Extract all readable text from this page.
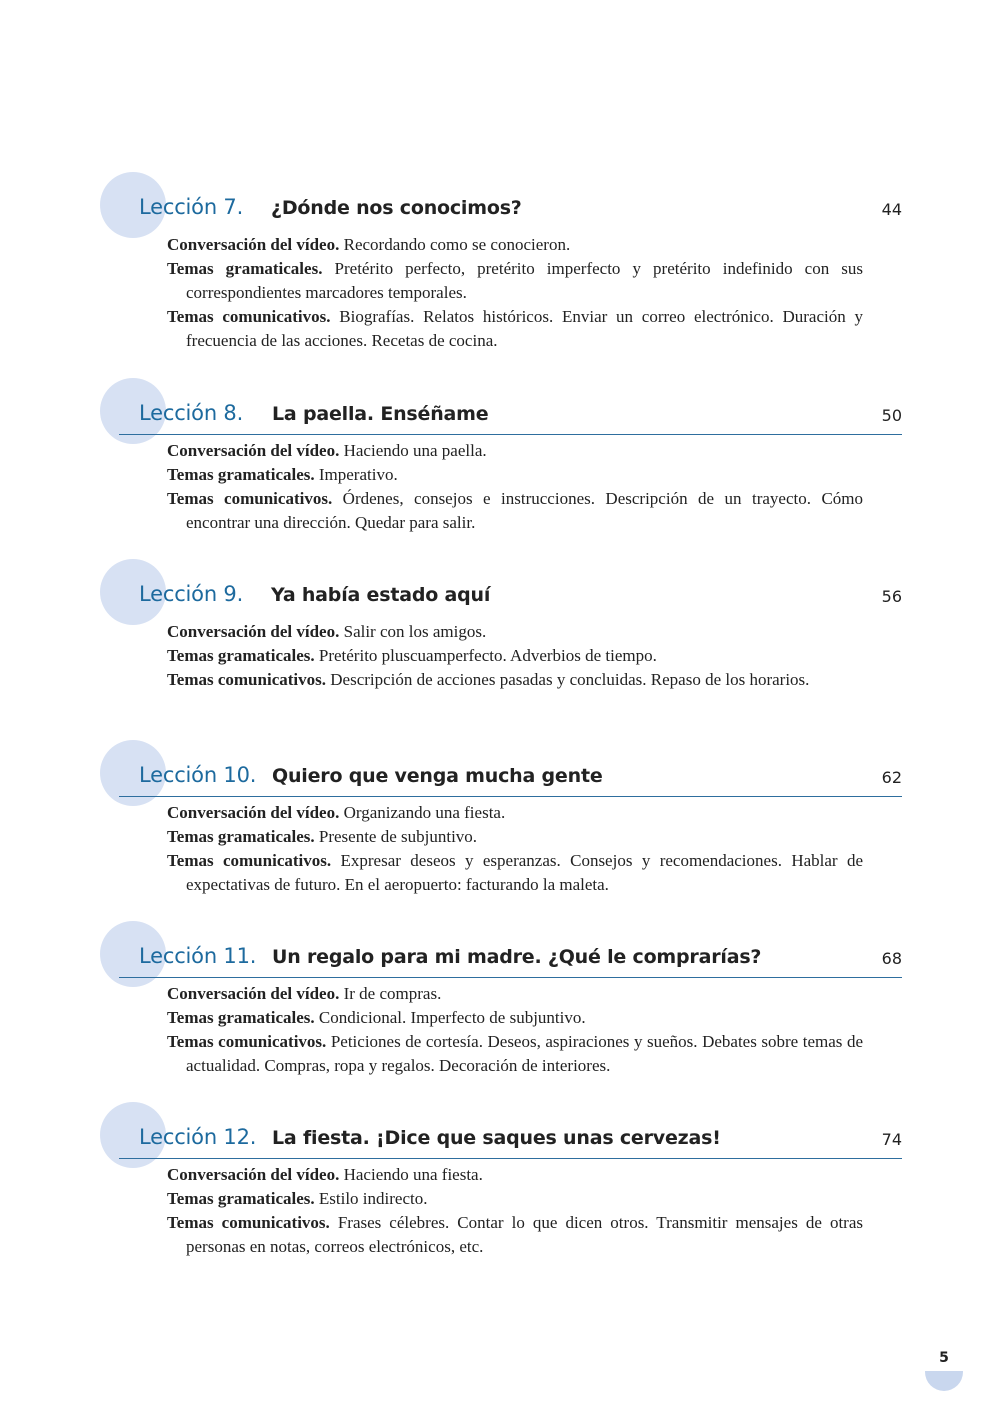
Lección 7. ¿Dónde nos conocimos?	44

Conversación del vídeo. Recordando como se conocieron.

Temas gramaticales. Pretérito perfecto, pretérito imperfecto y pretérito indefinido con sus correspondientes marcadores temporales.

Temas comunicativos. Biografías. Relatos históricos. Enviar un correo electrónico. Duración y frecuencia de las acciones. Recetas de cocina.

Lección 8. La paella. Enséñame	50

Conversación del vídeo. Haciendo una paella.

Temas gramaticales. Imperativo.

Temas comunicativos. Órdenes, consejos e instrucciones. Descripción de un trayecto. Cómo encontrar una dirección. Quedar para salir.

Lección 9. Ya había estado aquí	56

Conversación del vídeo. Salir con los amigos.

Temas gramaticales. Pretérito pluscuamperfecto. Adverbios de tiempo.

Temas comunicativos. Descripción de acciones pasadas y concluidas. Repaso de los horarios.

Lección 10. Quiero que venga mucha gente	62

Conversación del vídeo. Organizando una fiesta.

Temas gramaticales. Presente de subjuntivo.

Temas comunicativos. Expresar deseos y esperanzas. Consejos y recomendaciones. Hablar de expectativas de futuro. En el aeropuerto: facturando la maleta.

Lección 11. Un regalo para mi madre. ¿Qué le comprarías?	68

Conversación del vídeo. Ir de compras.

Temas gramaticales. Condicional. Imperfecto de subjuntivo.

Temas comunicativos. Peticiones de cortesía. Deseos, aspiraciones y sueños. Debates sobre temas de actualidad. Compras, ropa y regalos. Decoración de interiores.

Lección 12. La fiesta. ¡Dice que saques unas cervezas!	74

Conversación del vídeo. Haciendo una fiesta.

Temas gramaticales. Estilo indirecto.

Temas comunicativos. Frases célebres. Contar lo que dicen otros. Transmitir mensajes de otras personas en notas, correos electrónicos, etc.

5
